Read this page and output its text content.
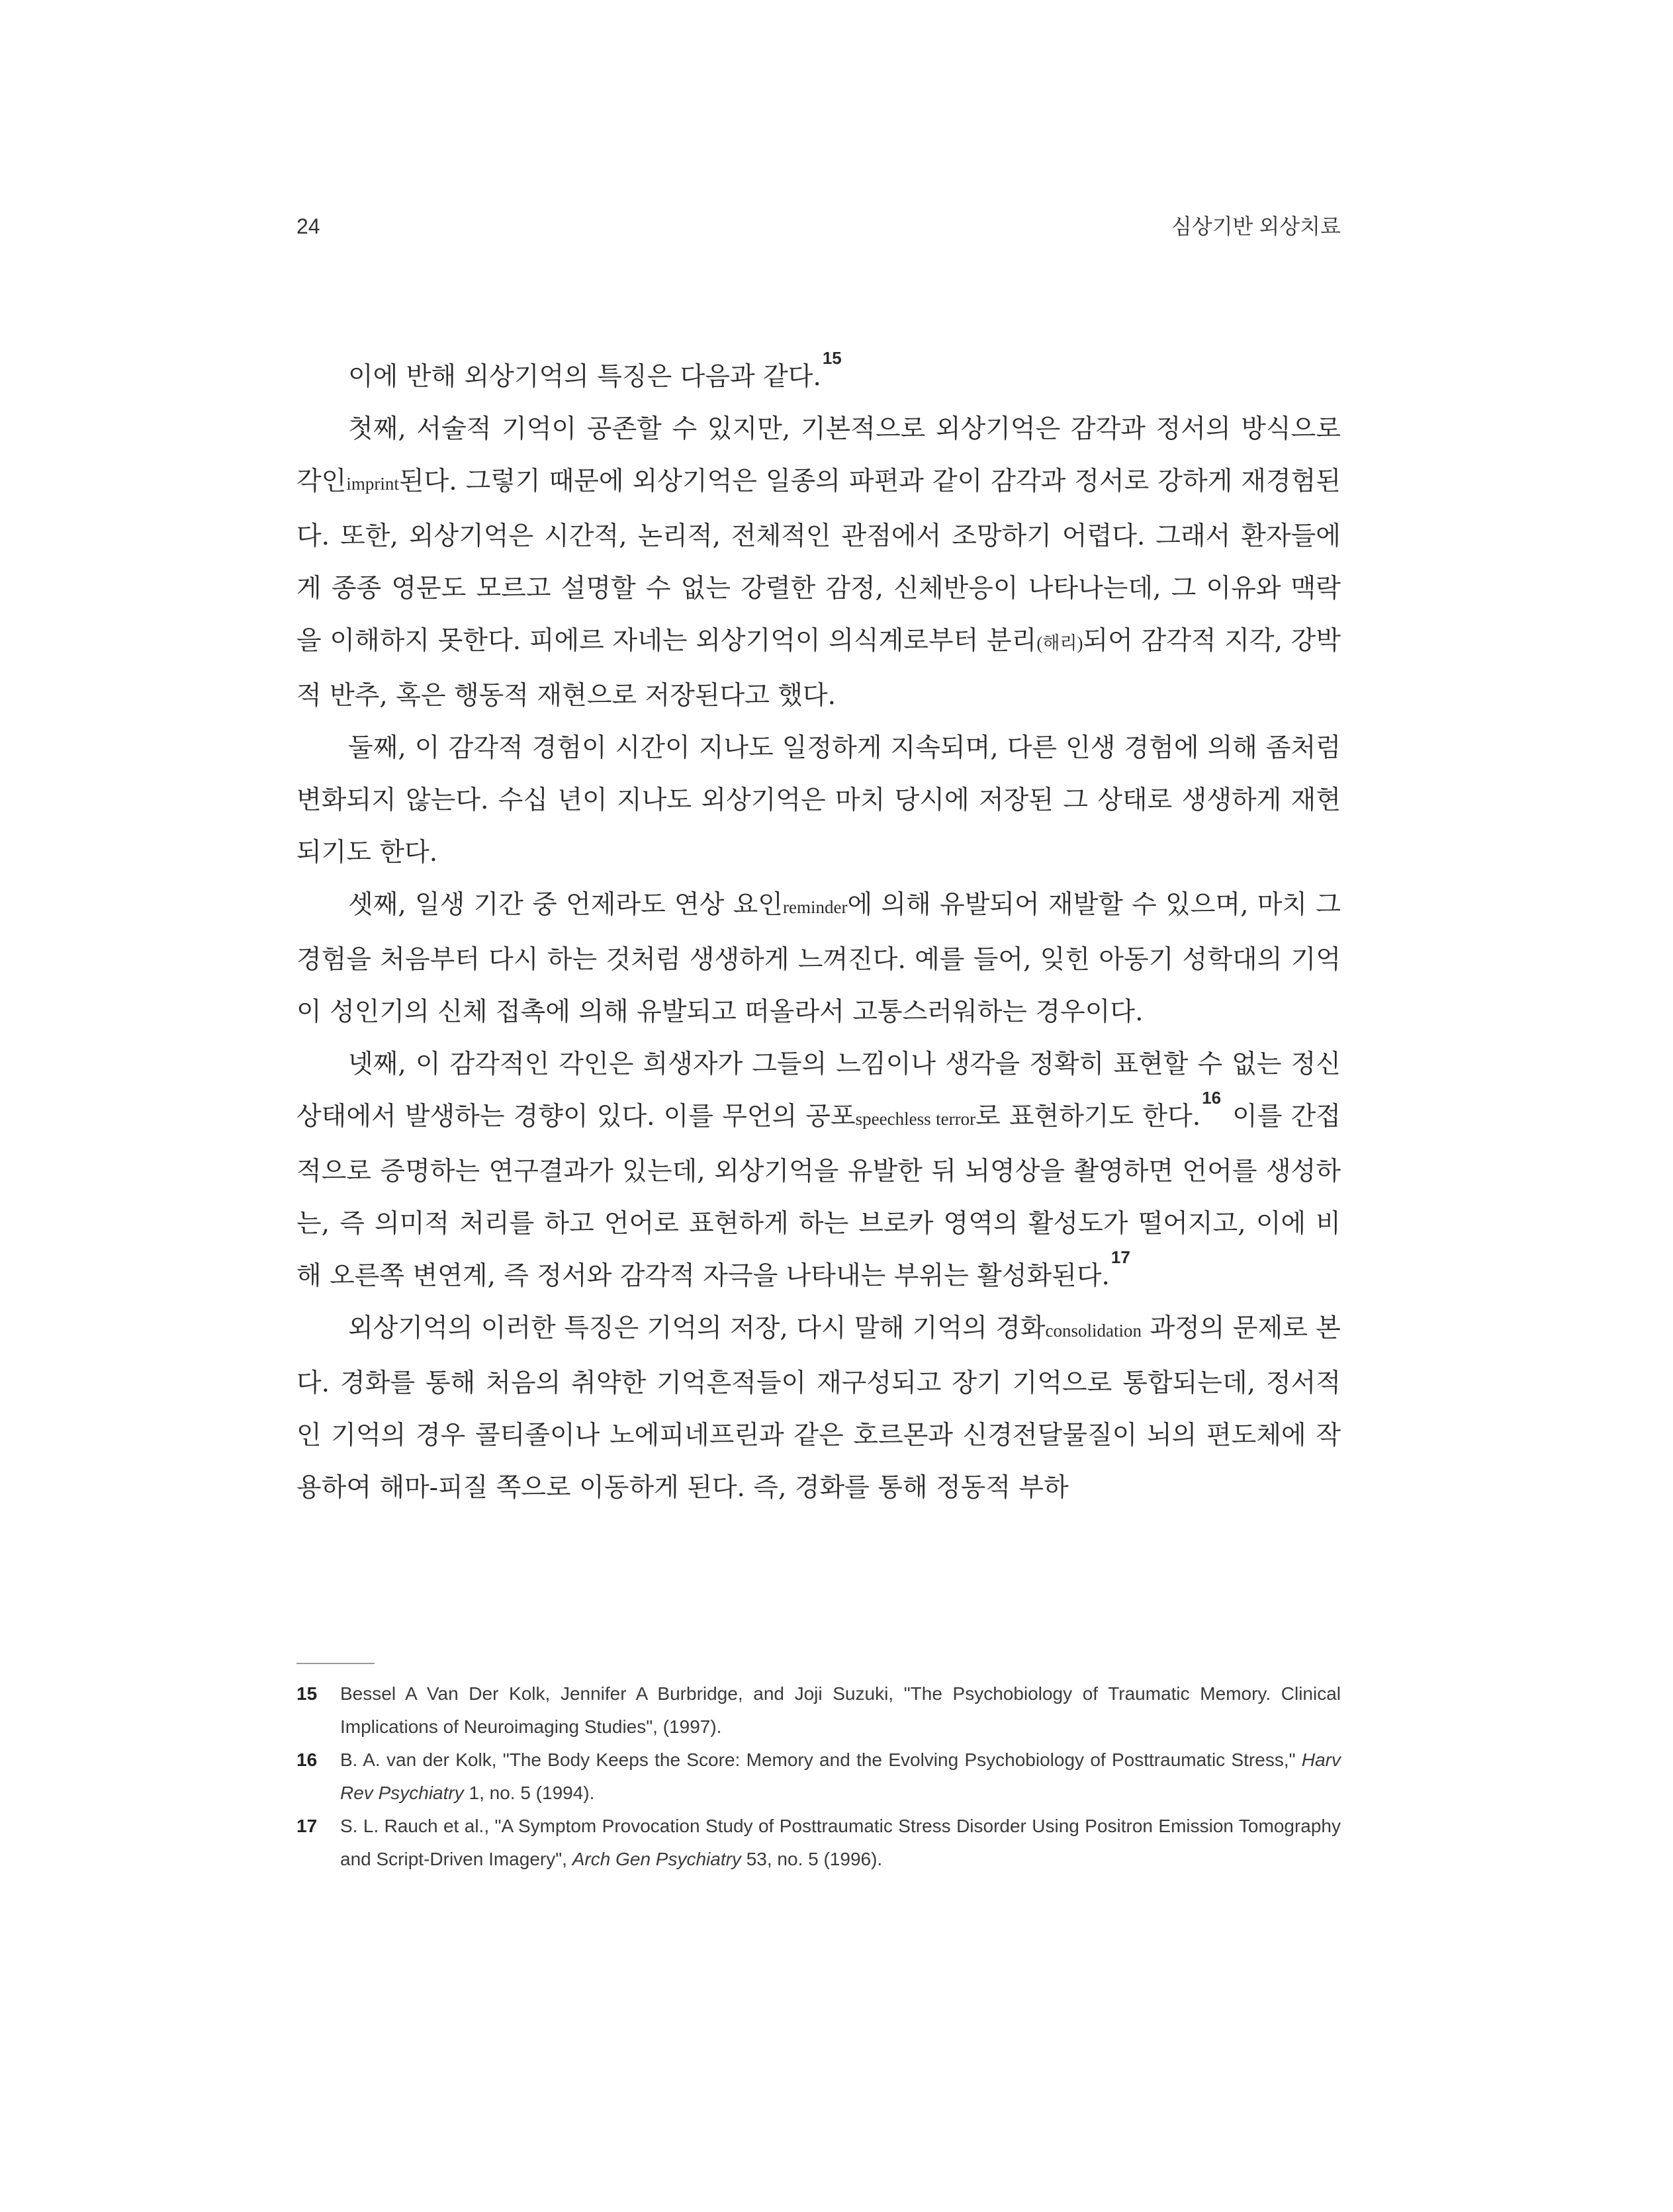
24	심상기반 외상치료

이에 반해 외상기억의 특징은 다음과 같다.$^{15}$

첫째, 서술적 기억이 공존할 수 있지만, 기본적으로 외상기억은 감각과 정서의 방식으로 각인imprint된다. 그렇기 때문에 외상기억은 일종의 파편과 같이 감각과 정서로 강하게 재경험된다. 또한, 외상기억은 시간적, 논리적, 전체적인 관점에서 조망하기 어렵다. 그래서 환자들에게 종종 영문도 모르고 설명할 수 없는 강렬한 감정, 신체반응이 나타나는데, 그 이유와 맥락을 이해하지 못한다. 피에르 자네는 외상기억이 의식계로부터 분리(해리)되어 감각적 지각, 강박적 반추, 혹은 행동적 재현으로 저장된다고 했다.

둘째, 이 감각적 경험이 시간이 지나도 일정하게 지속되며, 다른 인생 경험에 의해 좀처럼 변화되지 않는다. 수십 년이 지나도 외상기억은 마치 당시에 저장된 그 상태로 생생하게 재현되기도 한다.

셋째, 일생 기간 중 언제라도 연상 요인reminder에 의해 유발되어 재발할 수 있으며, 마치 그 경험을 처음부터 다시 하는 것처럼 생생하게 느껴진다. 예를 들어, 잊힌 아동기 성학대의 기억이 성인기의 신체 접촉에 의해 유발되고 떠올라서 고통스러워하는 경우이다.

넷째, 이 감각적인 각인은 희생자가 그들의 느낌이나 생각을 정확히 표현할 수 없는 정신상태에서 발생하는 경향이 있다. 이를 무언의 공포speechless terror로 표현하기도 한다.$^{16}$ 이를 간접적으로 증명하는 연구결과가 있는데, 외상기억을 유발한 뒤 뇌영상을 촬영하면 언어를 생성하는, 즉 의미적 처리를 하고 언어로 표현하게 하는 브로카 영역의 활성도가 떨어지고, 이에 비해 오른쪽 변연계, 즉 정서와 감각적 자극을 나타내는 부위는 활성화된다.$^{17}$

외상기억의 이러한 특징은 기억의 저장, 다시 말해 기억의 경화consolidation 과정의 문제로 본다. 경화를 통해 처음의 취약한 기억흔적들이 재구성되고 장기 기억으로 통합되는데, 정서적인 기억의 경우 콜티졸이나 노에피네프린과 같은 호르몬과 신경전달물질이 뇌의 편도체에 작용하여 해마-피질 쪽으로 이동하게 된다. 즉, 경화를 통해 정동적 부하

15 Bessel A Van Der Kolk, Jennifer A Burbridge, and Joji Suzuki, "The Psychobiology of Traumatic Memory. Clinical Implications of Neuroimaging Studies", (1997).
16 B. A. van der Kolk, "The Body Keeps the Score: Memory and the Evolving Psychobiology of Posttraumatic Stress," Harv Rev Psychiatry 1, no. 5 (1994).
17 S. L. Rauch et al., "A Symptom Provocation Study of Posttraumatic Stress Disorder Using Positron Emission Tomography and Script-Driven Imagery", Arch Gen Psychiatry 53, no. 5 (1996).
